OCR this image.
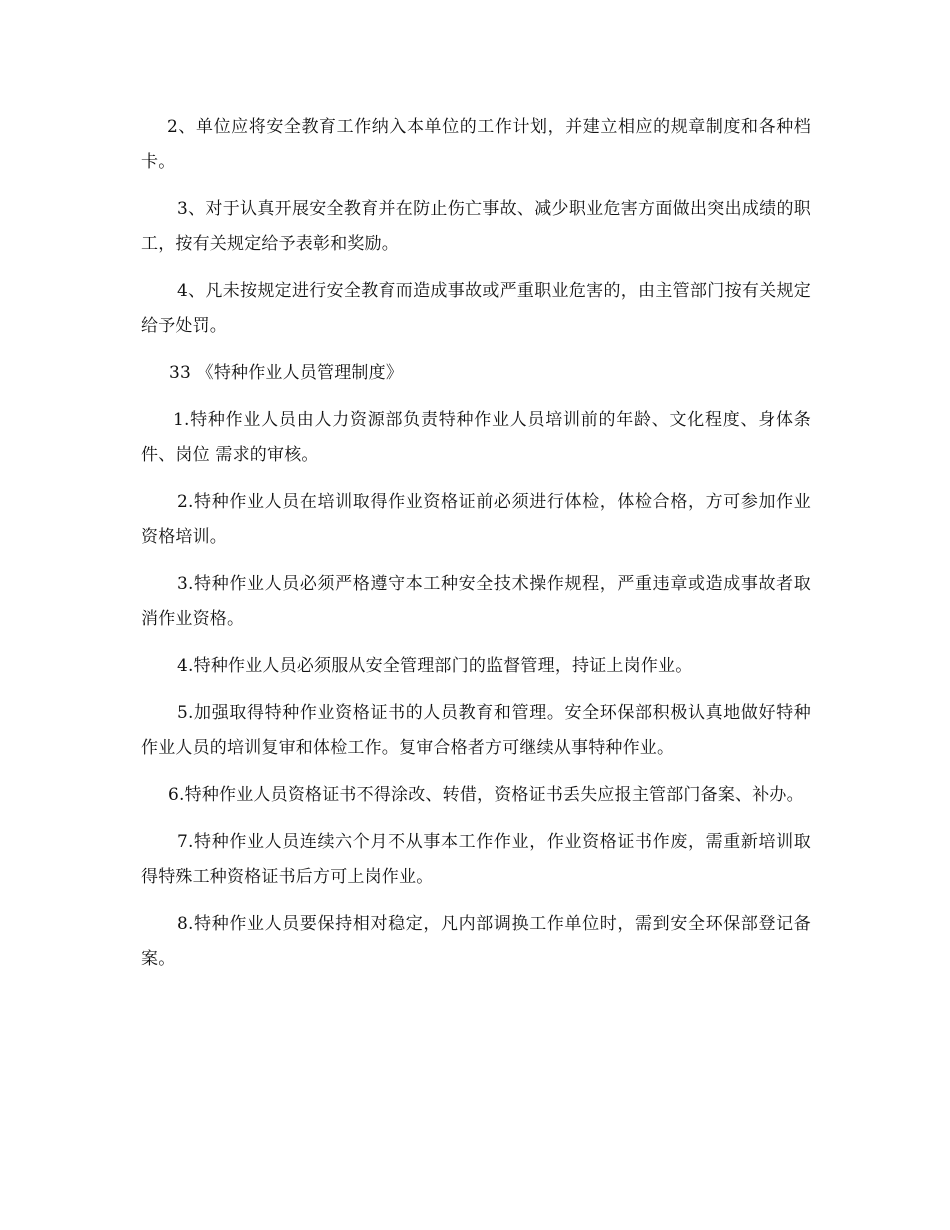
2、单位应将安全教育工作纳入本单位的工作计划，并建立相应的规章制度和各种档卡。

3、对于认真开展安全教育并在防止伤亡事故、减少职业危害方面做出突出成绩的职工，按有关规定给予表彰和奖励。

4、凡未按规定进行安全教育而造成事故或严重职业危害的，由主管部门按有关规定给予处罚。

33 《特种作业人员管理制度》

1.特种作业人员由人力资源部负责特种作业人员培训前的年龄、文化程度、身体条件、岗位 需求的审核。

2.特种作业人员在培训取得作业资格证前必须进行体检，体检合格，方可参加作业资格培训。

3.特种作业人员必须严格遵守本工种安全技术操作规程，严重违章或造成事故者取消作业资格。

4.特种作业人员必须服从安全管理部门的监督管理，持证上岗作业。

5.加强取得特种作业资格证书的人员教育和管理。安全环保部积极认真地做好特种作业人员的培训复审和体检工作。复审合格者方可继续从事特种作业。

6.特种作业人员资格证书不得涂改、转借，资格证书丢失应报主管部门备案、补办。

7.特种作业人员连续六个月不从事本工作作业，作业资格证书作废，需重新培训取得特殊工种资格证书后方可上岗作业。

8.特种作业人员要保持相对稳定，凡内部调换工作单位时，需到安全环保部登记备案。
